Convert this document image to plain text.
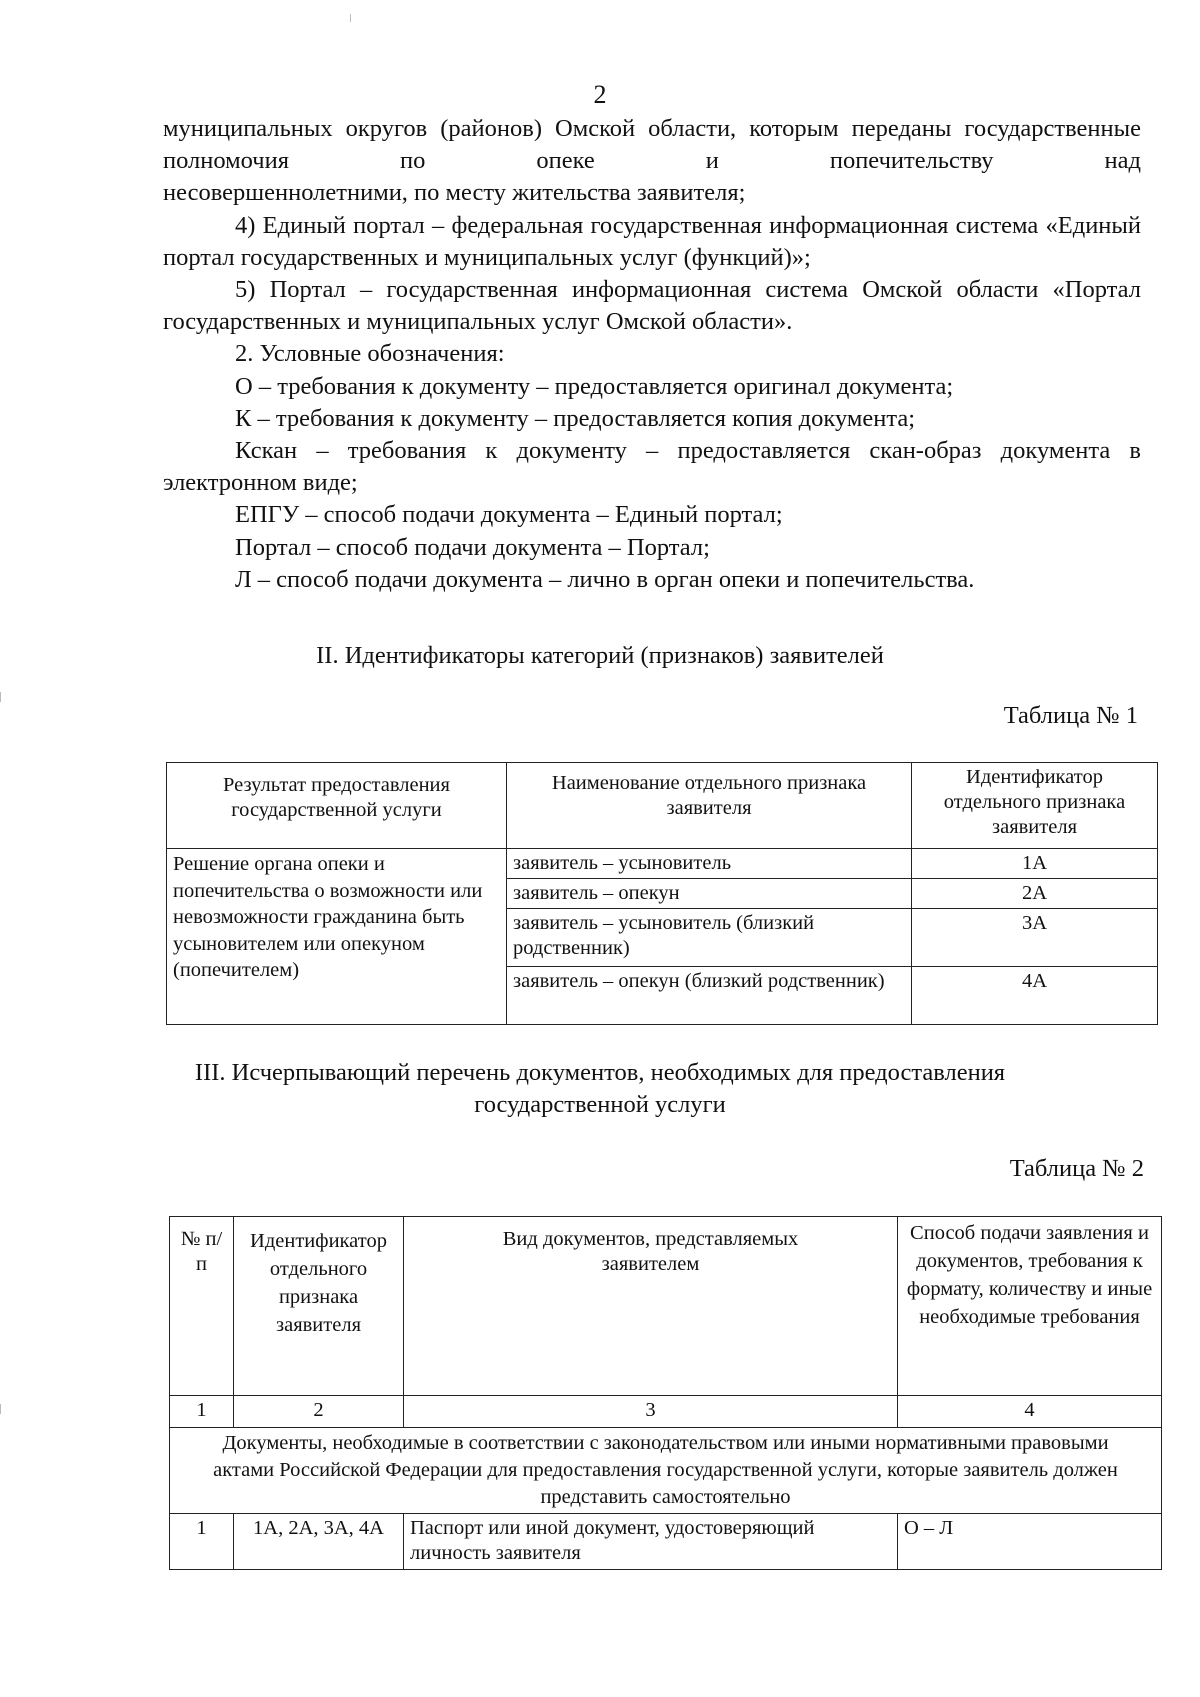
2

муниципальных округов (районов) Омской области, которым переданы государственные полномочия по опеке и попечительству над

несовершеннолетними, по месту жительства заявителя;

4) Единый портал – федеральная государственная информационная система «Единый портал государственных и муниципальных услуг (функций)»;

5) Портал – государственная информационная система Омской области «Портал государственных и муниципальных услуг Омской области».

2. Условные обозначения:

О – требования к документу – предоставляется оригинал документа;

К – требования к документу – предоставляется копия документа;

Кскан – требования к документу – предоставляется скан-образ документа в электронном виде;

ЕПГУ – способ подачи документа – Единый портал;

Портал – способ подачи документа – Портал;

Л – способ подачи документа – лично в орган опеки и попечительства.

II. Идентификаторы категорий (признаков) заявителей
Таблица № 1
Результат предоставления государственной услуги	Наименование отдельного признака заявителя	Идентификатор отдельного признака заявителя
Решение органа опеки и попечительства о возможности или невозможности гражданина быть усыновителем или опекуном (попечителем)	заявитель – усыновитель	1А
	заявитель – опекун	2А
	заявитель – усыновитель (близкий родственник)	3А
	заявитель – опекун (близкий родственник)	4А
III. Исчерпывающий перечень документов, необходимых для предоставления
государственной услуги
Таблица № 2
№ п/п	Идентификатор отдельного признака заявителя	Вид документов, представляемых заявителем	Способ подачи заявления и документов, требования к формату, количеству и иные необходимые требования
1	2	3	4
Документы, необходимые в соответствии с законодательством или иными нормативными правовыми актами Российской Федерации для предоставления государственной услуги, которые заявитель должен представить самостоятельно			
1	1А, 2А, 3А, 4А	Паспорт или иной документ, удостоверяющий личность заявителя	О – Л
